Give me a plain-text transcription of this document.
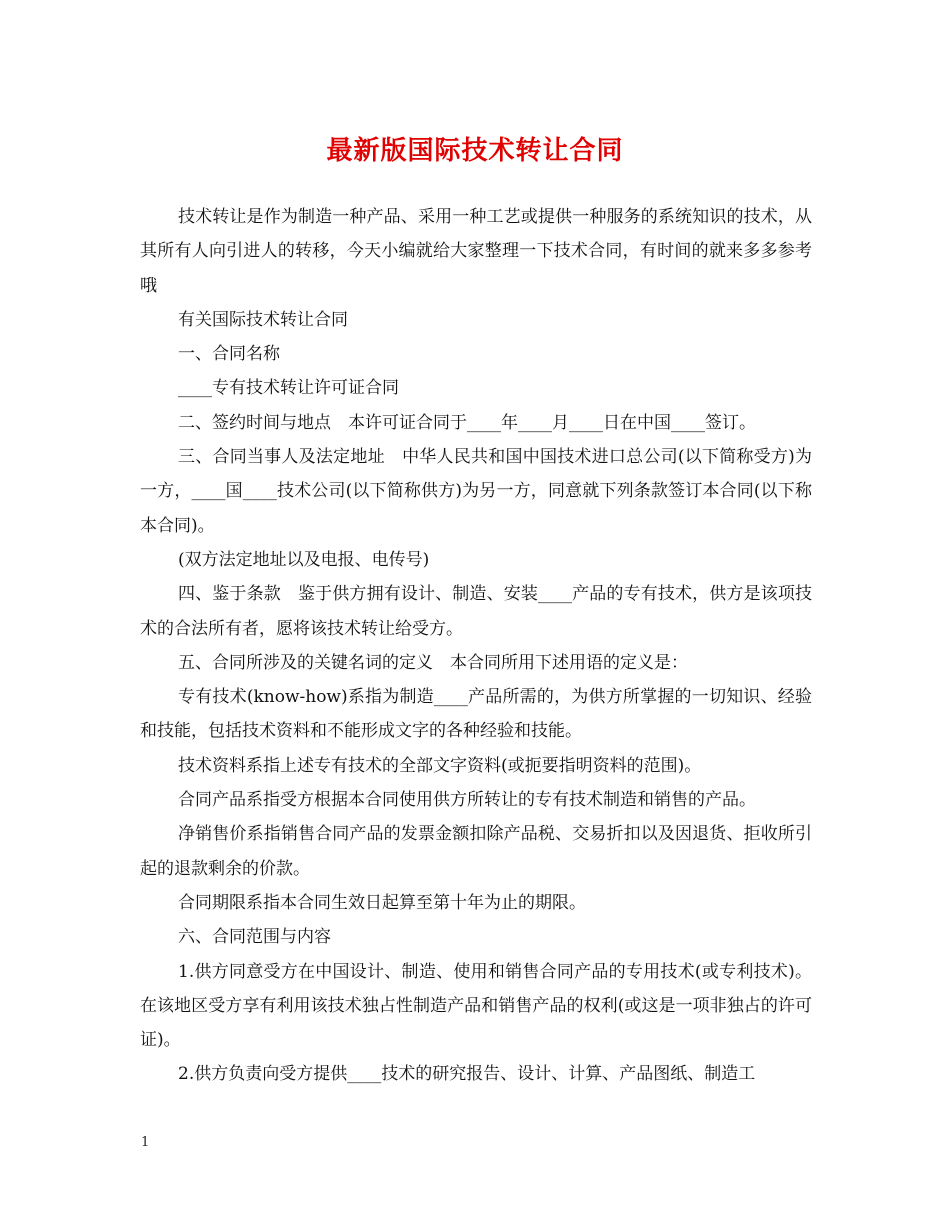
最新版国际技术转让合同

技术转让是作为制造一种产品、采用一种工艺或提供一种服务的系统知识的技术，从其所有人向引进人的转移，今天小编就给大家整理一下技术合同，有时间的就来多多参考哦

有关国际技术转让合同

一、合同名称

____专有技术转让许可证合同

二、签约时间与地点　本许可证合同于____年____月____日在中国____签订。

三、合同当事人及法定地址　中华人民共和国中国技术进口总公司(以下简称受方)为一方，____国____技术公司(以下简称供方)为另一方，同意就下列条款签订本合同(以下称本合同)。

(双方法定地址以及电报、电传号)

四、鉴于条款　鉴于供方拥有设计、制造、安装____产品的专有技术，供方是该项技术的合法所有者，愿将该技术转让给受方。

五、合同所涉及的关键名词的定义　本合同所用下述用语的定义是：

专有技术(know-how)系指为制造____产品所需的，为供方所掌握的一切知识、经验和技能，包括技术资料和不能形成文字的各种经验和技能。

技术资料系指上述专有技术的全部文字资料(或扼要指明资料的范围)。

合同产品系指受方根据本合同使用供方所转让的专有技术制造和销售的产品。

净销售价系指销售合同产品的发票金额扣除产品税、交易折扣以及因退货、拒收所引起的退款剩余的价款。

合同期限系指本合同生效日起算至第十年为止的期限。

六、合同范围与内容

1.供方同意受方在中国设计、制造、使用和销售合同产品的专用技术(或专利技术)。在该地区受方享有利用该技术独占性制造产品和销售产品的权利(或这是一项非独占的许可证)。

2.供方负责向受方提供____技术的研究报告、设计、计算、产品图纸、制造工

1
